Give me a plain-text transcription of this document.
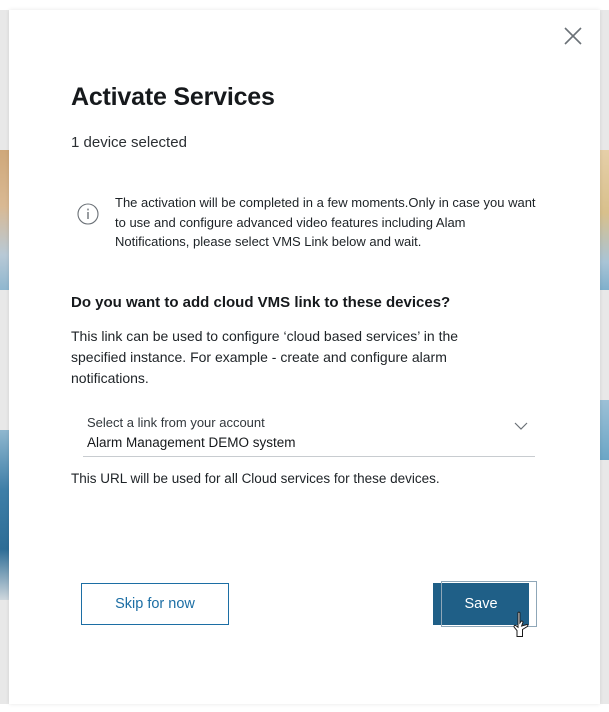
Activate Services
1 device selected
The activation will be completed in a few moments.Only in case you want to use and configure advanced video features including Alam Notifications, please select VMS Link below and wait.
Do you want to add cloud VMS link to these devices?
This link can be used to configure ‘cloud based services’ in the specified instance. For example - create and configure alarm notifications.
Select a link from your account
Alarm Management DEMO system
This URL will be used for all Cloud services for these devices.
Skip for now	Save
